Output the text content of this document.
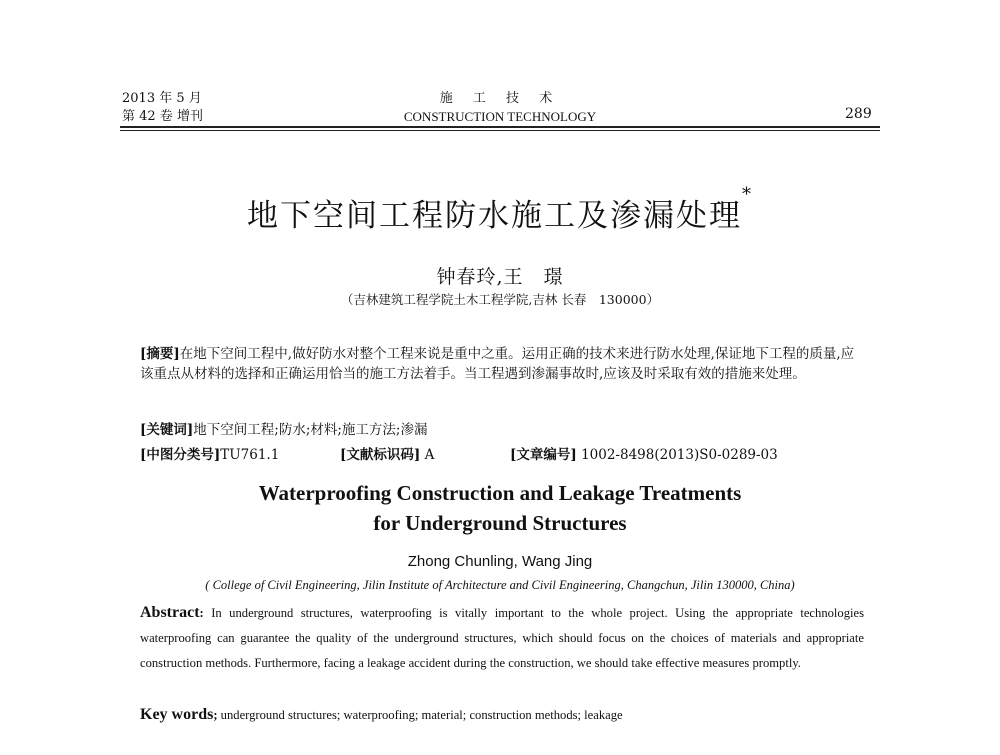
2013 年 5 月
第 42 卷 增刊
施 工 技 术
CONSTRUCTION TECHNOLOGY	289
地下空间工程防水施工及渗漏处理*
钟春玲,王　璟
（吉林建筑工程学院土木工程学院,吉林 长春　130000）
[摘要]在地下空间工程中,做好防水对整个工程来说是重中之重。运用正确的技术来进行防水处理,保证地下工程的质量,应该重点从材料的选择和正确运用恰当的施工方法着手。当工程遇到渗漏事故时,应该及时采取有效的措施来处理。
[关键词]地下空间工程;防水;材料;施工方法;渗漏
[中图分类号]TU761.1	[文献标识码] A	[文章编号] 1002-8498(2013)S0-0289-03
Waterproofing Construction and Leakage Treatments
for Underground Structures
Zhong Chunling, Wang Jing
( College of Civil Engineering, Jilin Institute of Architecture and Civil Engineering, Changchun, Jilin 130000, China)
Abstract: In underground structures, waterproofing is vitally important to the whole project. Using the appropriate technologies waterproofing can guarantee the quality of the underground structures, which should focus on the choices of materials and appropriate construction methods. Furthermore, facing a leakage accident during the construction, we should take effective measures promptly.
Key words; underground structures; waterproofing; material; construction methods; leakage
